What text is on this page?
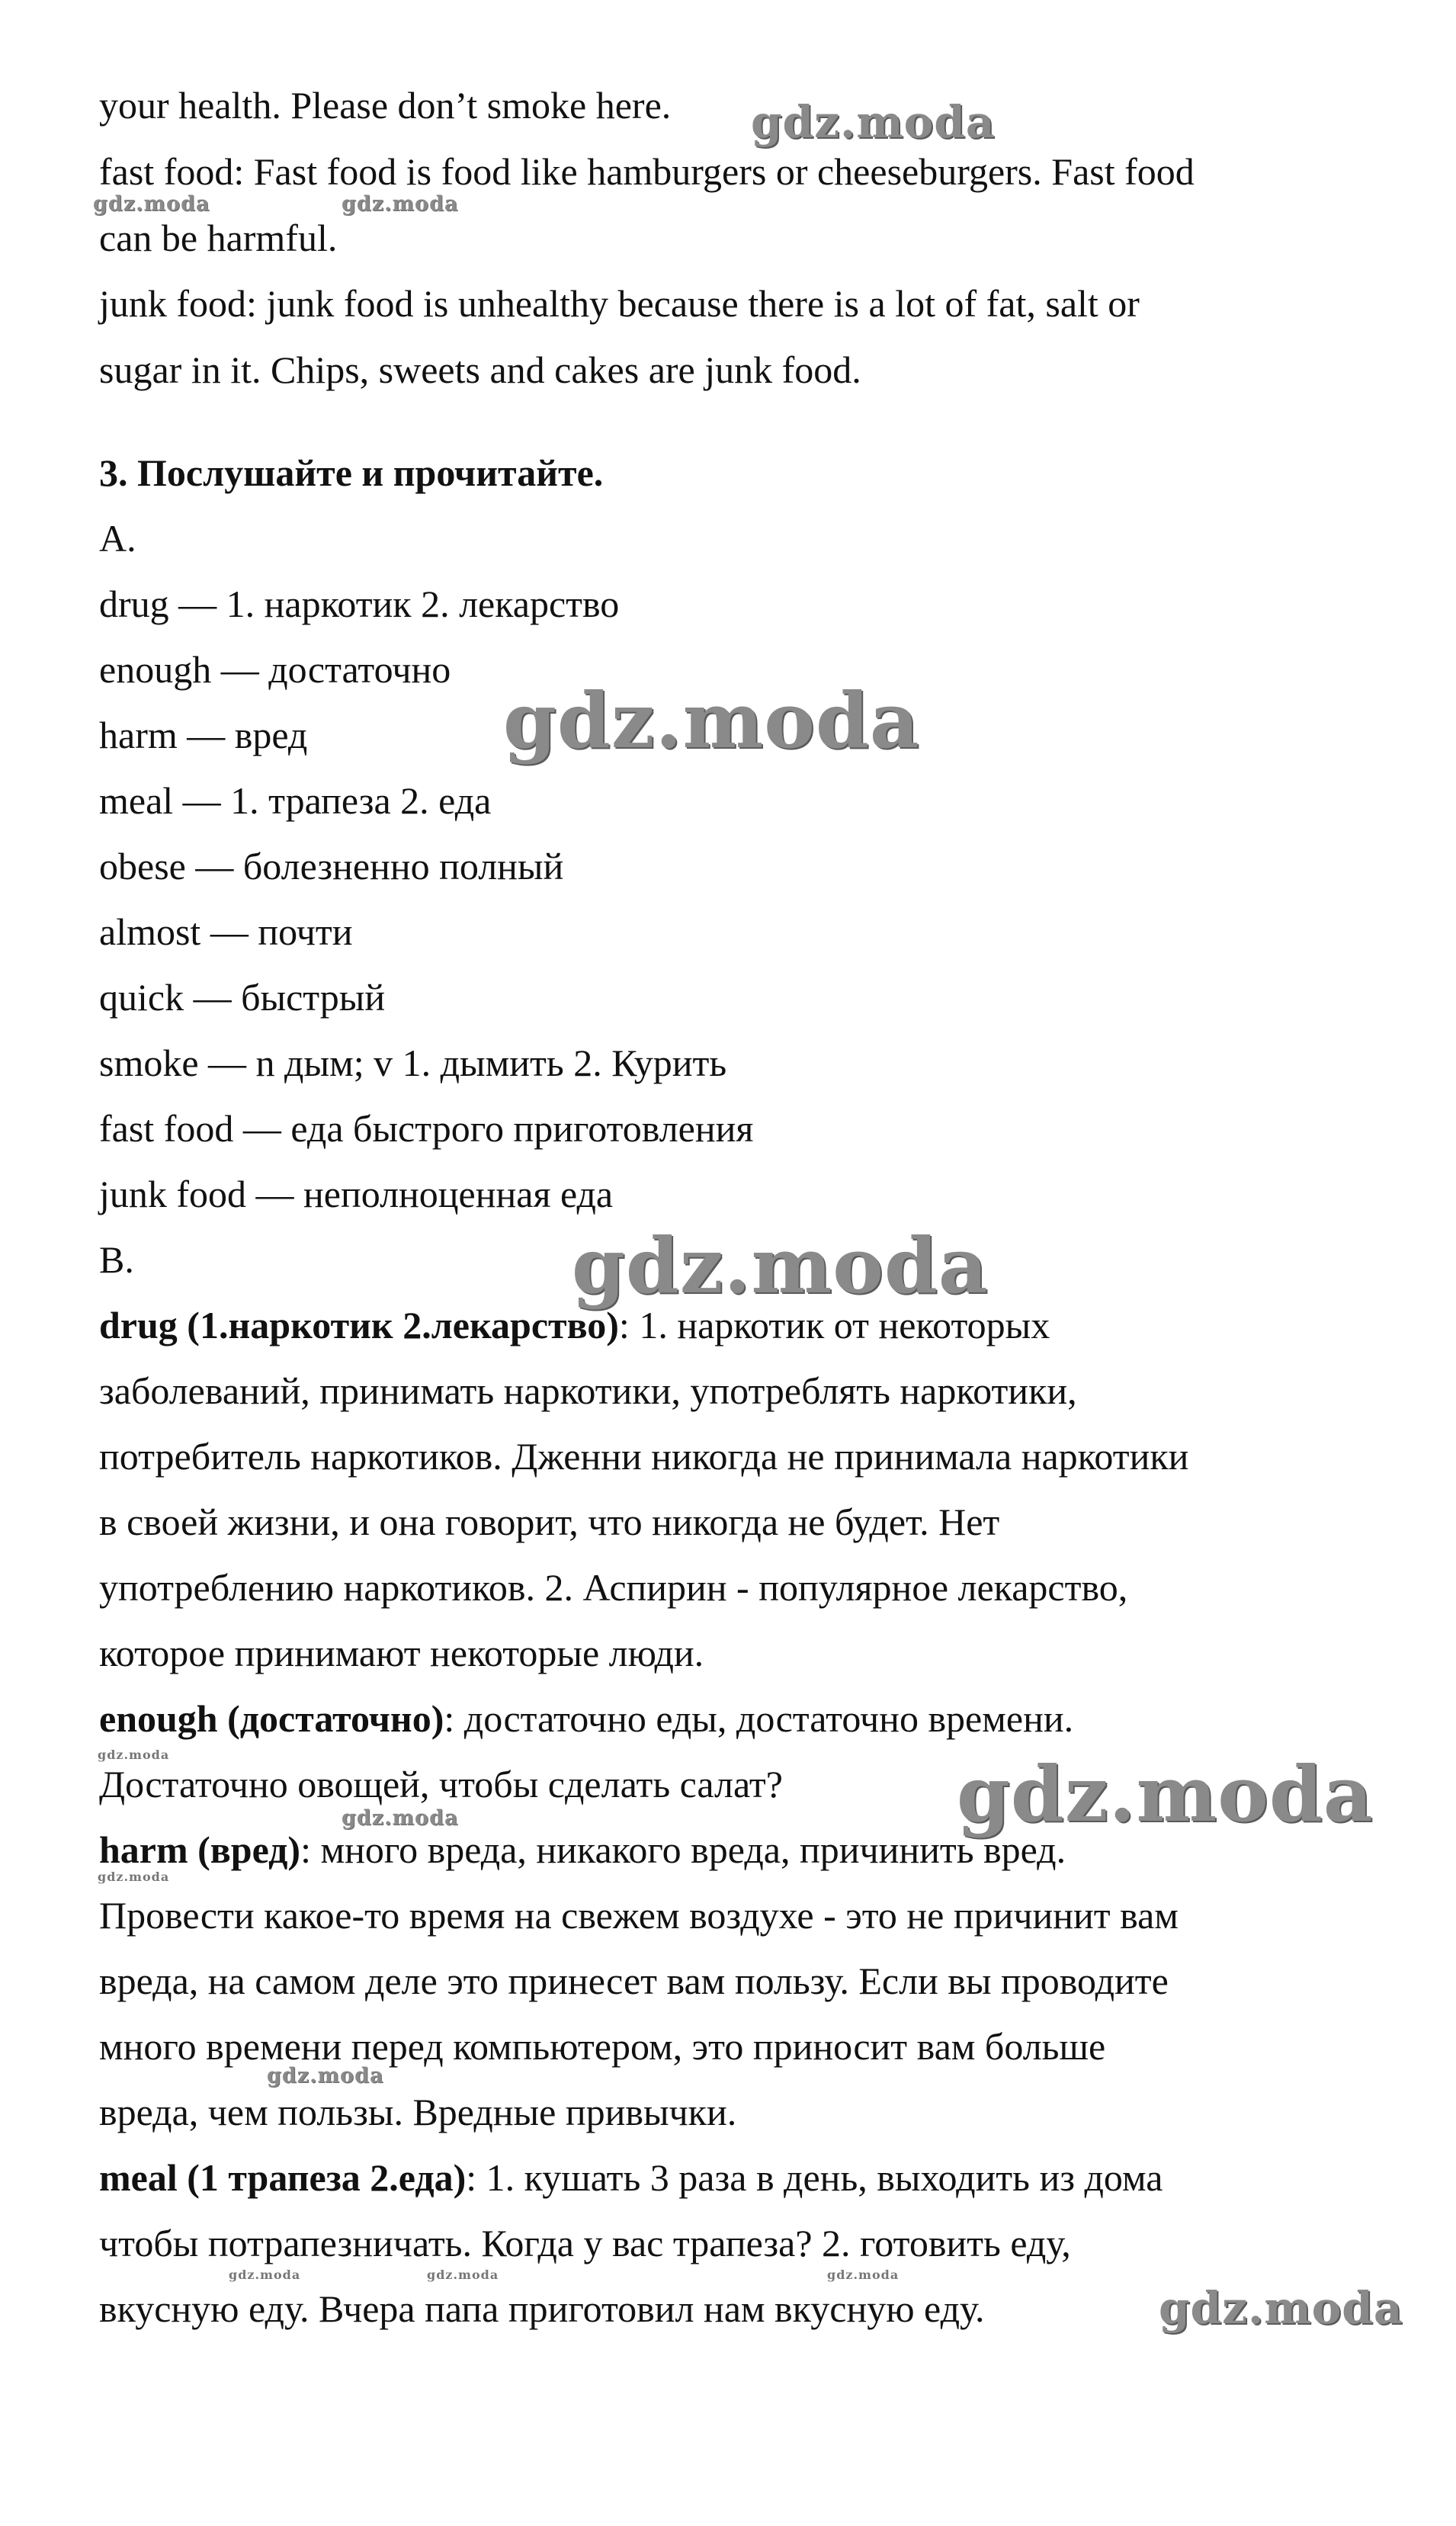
your health. Please don’t smoke here.
fast food: Fast food is food like hamburgers or cheeseburgers. Fast food
can be harmful.
junk food: junk food is unhealthy because there is a lot of fat, salt or
sugar in it. Chips, sweets and cakes are junk food.
3. Послушайте и прочитайте.
A.
drug — 1. наркотик 2. лекарство
enough — достаточно
harm — вред
meal — 1. трапеза 2. еда
obese — болезненно полный
almost — почти
quick — быстрый
smoke — n дым; v 1. дымить 2. Курить
fast food — еда быстрого приготовления
junk food — неполноценная еда
B.
drug (1.наркотик 2.лекарство): 1. наркотик от некоторых
заболеваний, принимать наркотики, употреблять наркотики,
потребитель наркотиков. Дженни никогда не принимала наркотики
в своей жизни, и она говорит, что никогда не будет. Нет
употреблению наркотиков. 2. Аспирин - популярное лекарство,
которое принимают некоторые люди.
enough (достаточно): достаточно еды, достаточно времени.
Достаточно овощей, чтобы сделать салат?
harm (вред): много вреда, никакого вреда, причинить вред.
Провести какое-то время на свежем воздухе - это не причинит вам
вреда, на самом деле это принесет вам пользу. Если вы проводите
много времени перед компьютером, это приносит вам больше
вреда, чем пользы. Вредные привычки.
meal (1 трапеза 2.еда): 1. кушать 3 раза в день, выходить из дома
чтобы потрапезничать. Когда у вас трапеза? 2. готовить еду,
вкусную еду. Вчера папа приготовил нам вкусную еду.
gdz.moda
gdz.moda	gdz.moda
gdz.moda
gdz.moda
gdz.moda	gdz.moda
gdz.moda
gdz.moda
gdz.moda
gdz.moda	gdz.moda	gdz.moda
gdz.moda
